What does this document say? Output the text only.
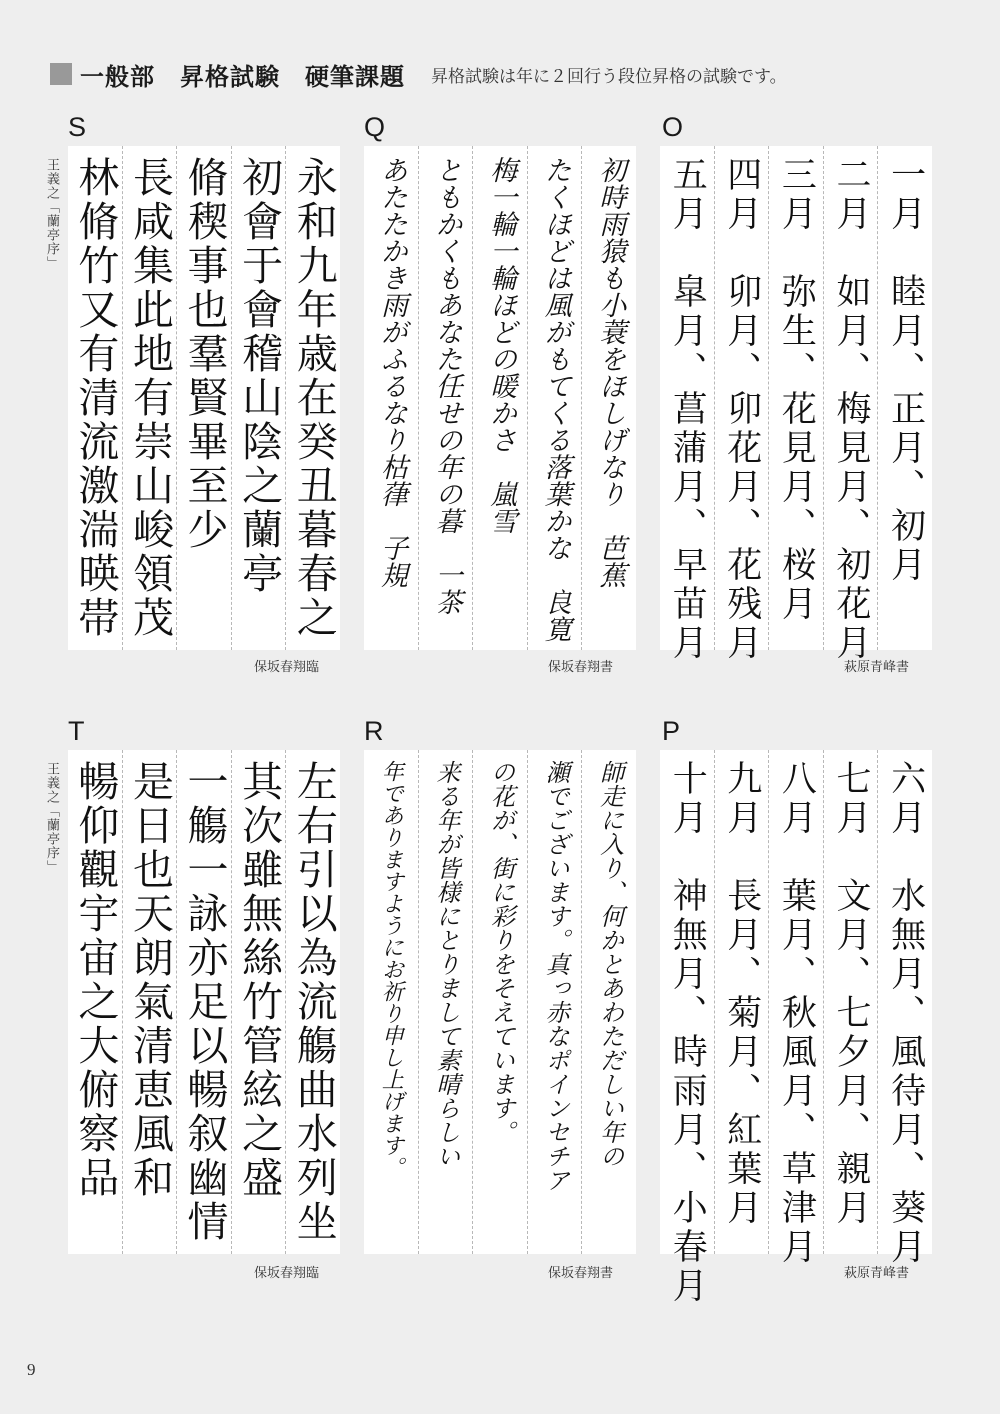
一般部　昇格試験　硬筆課題 昇格試験は年に２回行う段位昇格の試験です。
S
王義之「蘭亭序」	永和九年歳在癸丑暮春之
初會于會稽山陰之蘭亭
脩稧事也羣賢畢至少
長咸集此地有崇山峻領茂
林脩竹又有清流激湍暎帯
保坂春翔臨
Q
初時雨猿も小蓑をほしげなり　芭蕉
たくほどは風がもてくる落葉かな　良寛
梅一輪一輪ほどの暖かさ　嵐雪
ともかくもあなた任せの年の暮　一茶
あたたかき雨がふるなり枯葎　子規
保坂春翔書
O
一月　睦月、正月、初月
二月　如月、梅見月、初花月
三月　弥生、花見月、桜月
四月　卯月、卯花月、花残月
五月　皐月、菖蒲月、早苗月
萩原青峰書
T
王義之「蘭亭序」	左右引以為流觴曲水列坐
其次雖無絲竹管絃之盛
一觴一詠亦足以暢叙幽情
是日也天朗氣清恵風和
暢仰觀宇宙之大俯察品
保坂春翔臨
R
師走に入り、何かとあわただしい年の
瀬でございます。真っ赤なポインセチア
の花が、街に彩りをそえています。
来る年が皆様にとりまして素晴らしい
年でありますようにお祈り申し上げます。
保坂春翔書
P
六月　水無月、風待月、葵月
七月　文月、七夕月、親月
八月　葉月、秋風月、草津月
九月　長月、菊月、紅葉月
十月　神無月、時雨月、小春月	萩原青峰書
9
